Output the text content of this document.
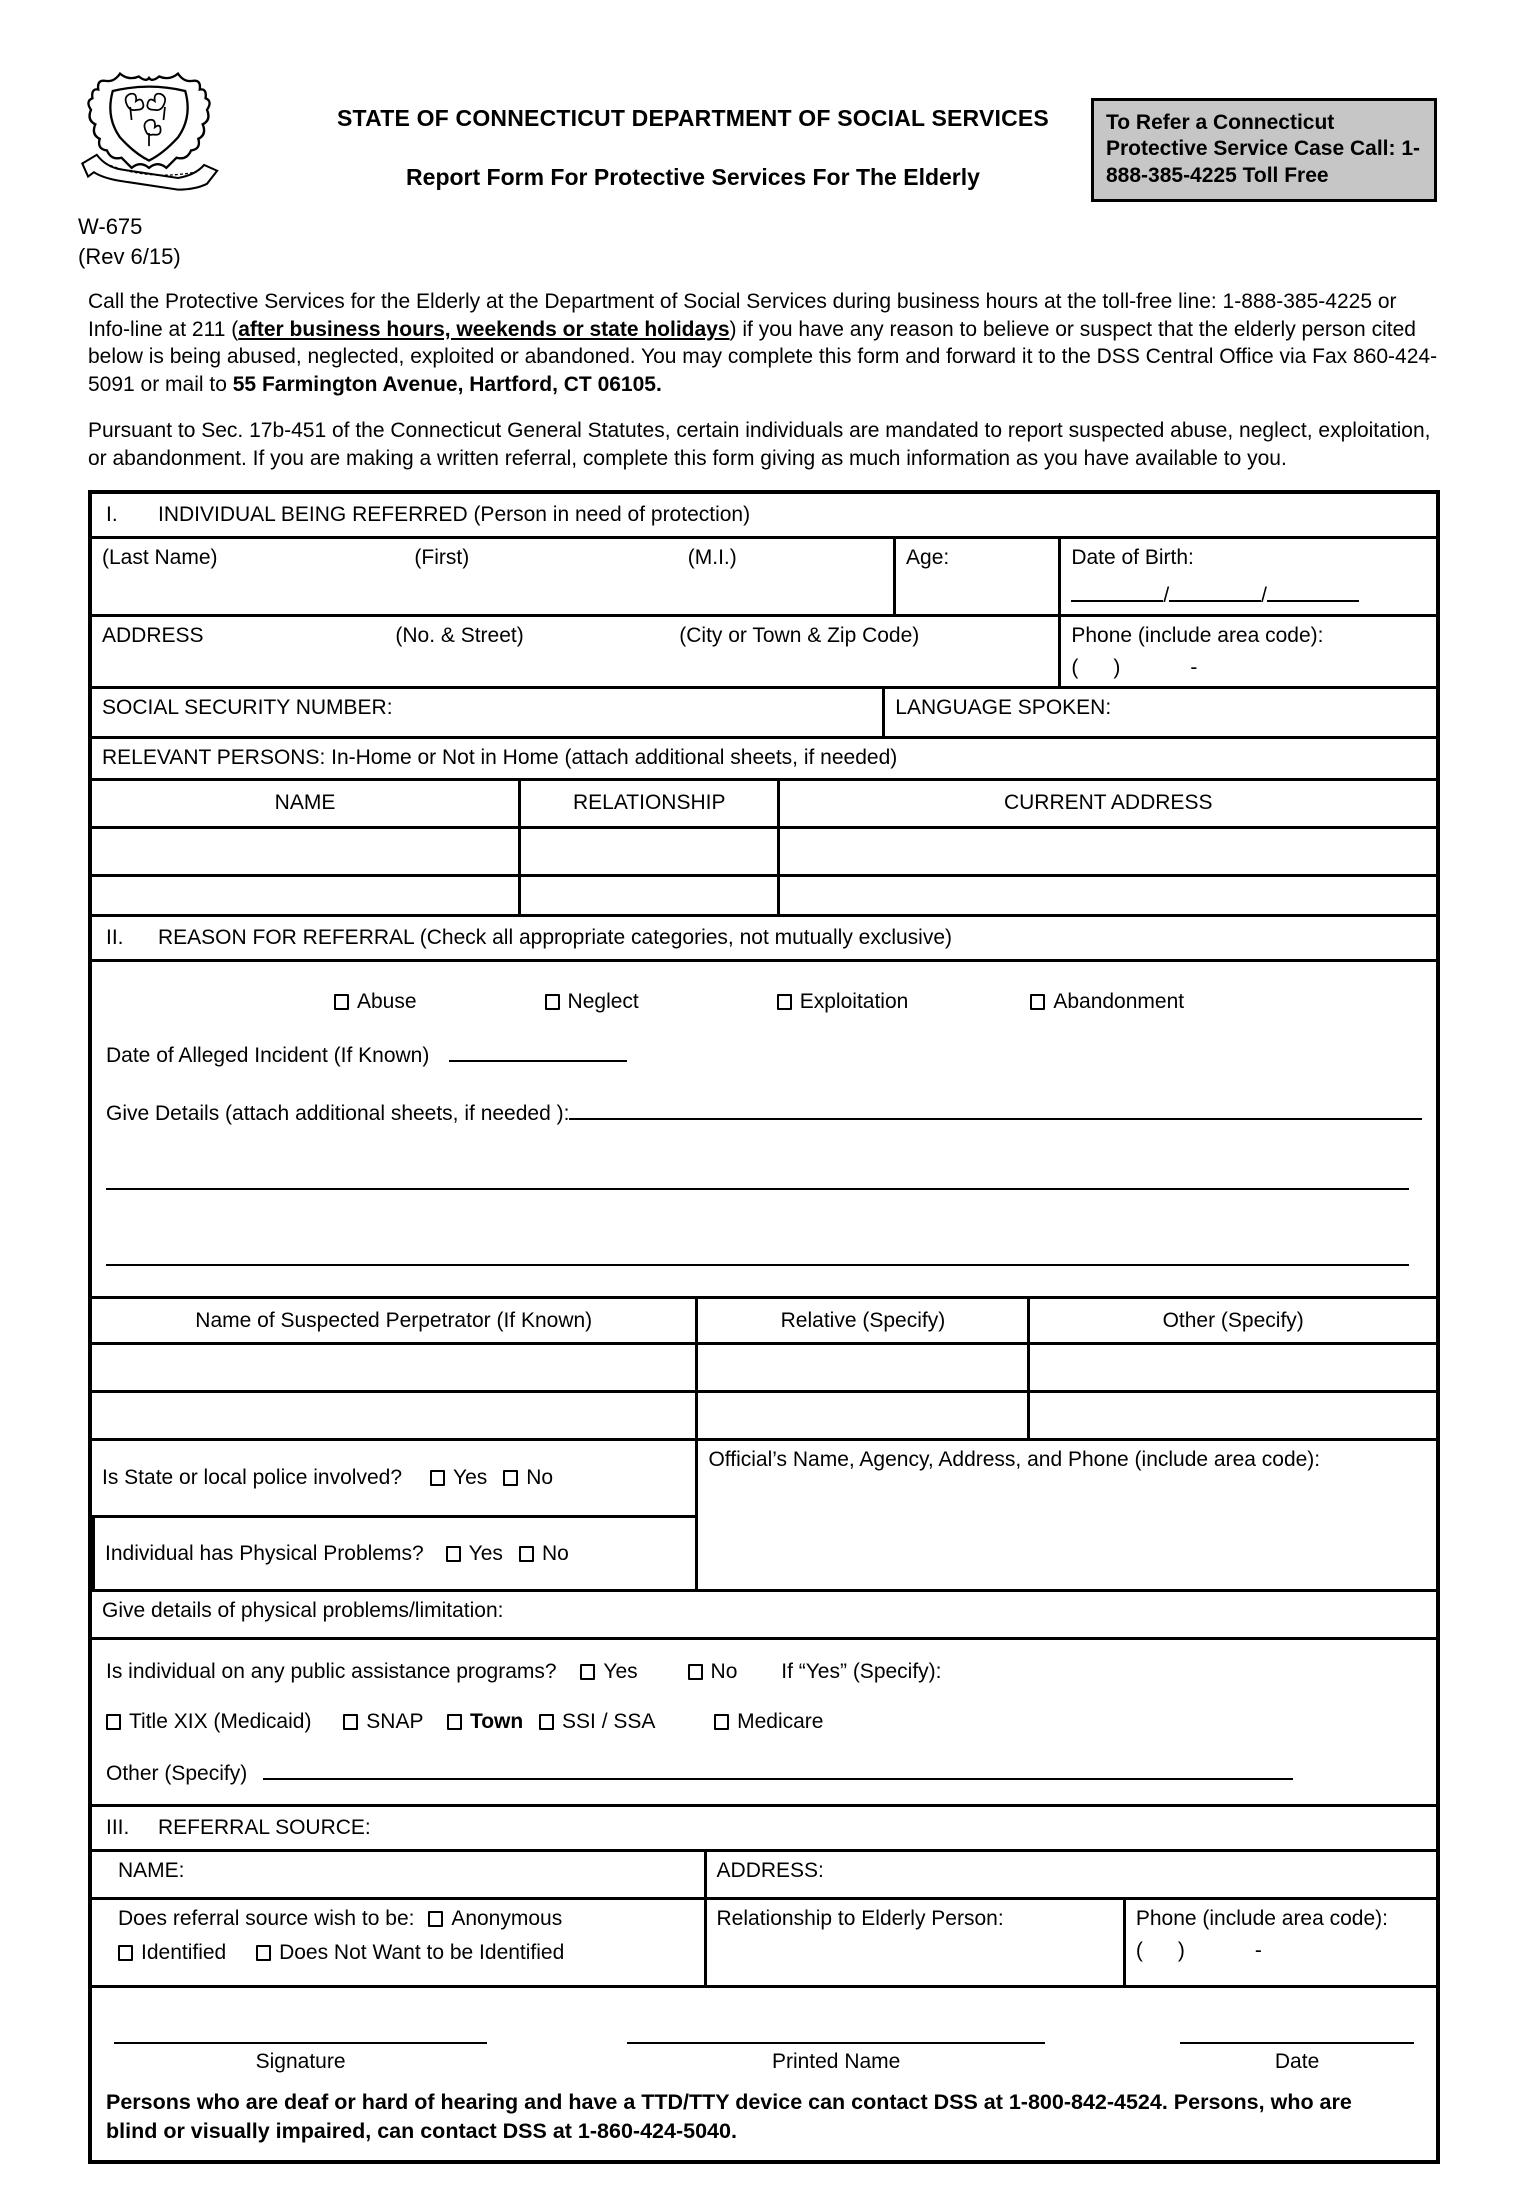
W-675
(Rev 6/15)
STATE OF CONNECTICUT DEPARTMENT OF SOCIAL SERVICES
Report Form For Protective Services For The Elderly
To Refer a Connecticut Protective Service Case Call: 1-888-385-4225 Toll Free

Call the Protective Services for the Elderly at the Department of Social Services during business hours at the toll-free line: 1-888-385-4225 or Info-line at 211 (after business hours, weekends or state holidays) if you have any reason to believe or suspect that the elderly person cited below is being abused, neglected, exploited or abandoned. You may complete this form and forward it to the DSS Central Office via Fax 860-424-5091 or mail to 55 Farmington Avenue, Hartford, CT 06105.

Pursuant to Sec. 17b-451 of the Connecticut General Statutes, certain individuals are mandated to report suspected abuse, neglect, exploitation, or abandonment. If you are making a written referral, complete this form giving as much information as you have available to you.

I. INDIVIDUAL BEING REFERRED (Person in need of protection)
(Last Name)	(First)	(M.I.)	Age:	Date of Birth:
/	/
ADDRESS	(No. & Street)	(City or Town & Zip Code)	Phone (include area code):
(      )            -
SOCIAL SECURITY NUMBER:	LANGUAGE SPOKEN:
RELEVANT PERSONS: In-Home or Not in Home (attach additional sheets, if needed)
NAME	RELATIONSHIP	CURRENT ADDRESS
II. REASON FOR REFERRAL (Check all appropriate categories, not mutually exclusive)
Abuse	Neglect	Exploitation	Abandonment
Date of Alleged Incident (If Known)
Give Details (attach additional sheets, if needed ):
Name of Suspected Perpetrator (If Known)	Relative (Specify)	Other (Specify)
Is State or local police involved?	Yes	No
Individual has Physical Problems?	Yes	No
Official’s Name, Agency, Address, and Phone (include area code):
Give details of physical problems/limitation:
Is individual on any public assistance programs? Yes	No If “Yes” (Specify):
Title XIX (Medicaid)	SNAP Town SSI / SSA	Medicare
Other (Specify)
III. REFERRAL SOURCE:
NAME:	ADDRESS:
Does referral source wish to be: Anonymous
Identified	Does Not Want to be Identified
Relationship to Elderly Person:	Phone (include area code):
(      )            -
Signature	Printed Name	Date
Persons who are deaf or hard of hearing and have a TTD/TTY device can contact DSS at 1-800-842-4524. Persons, who are blind or visually impaired, can contact DSS at 1-860-424-5040.
